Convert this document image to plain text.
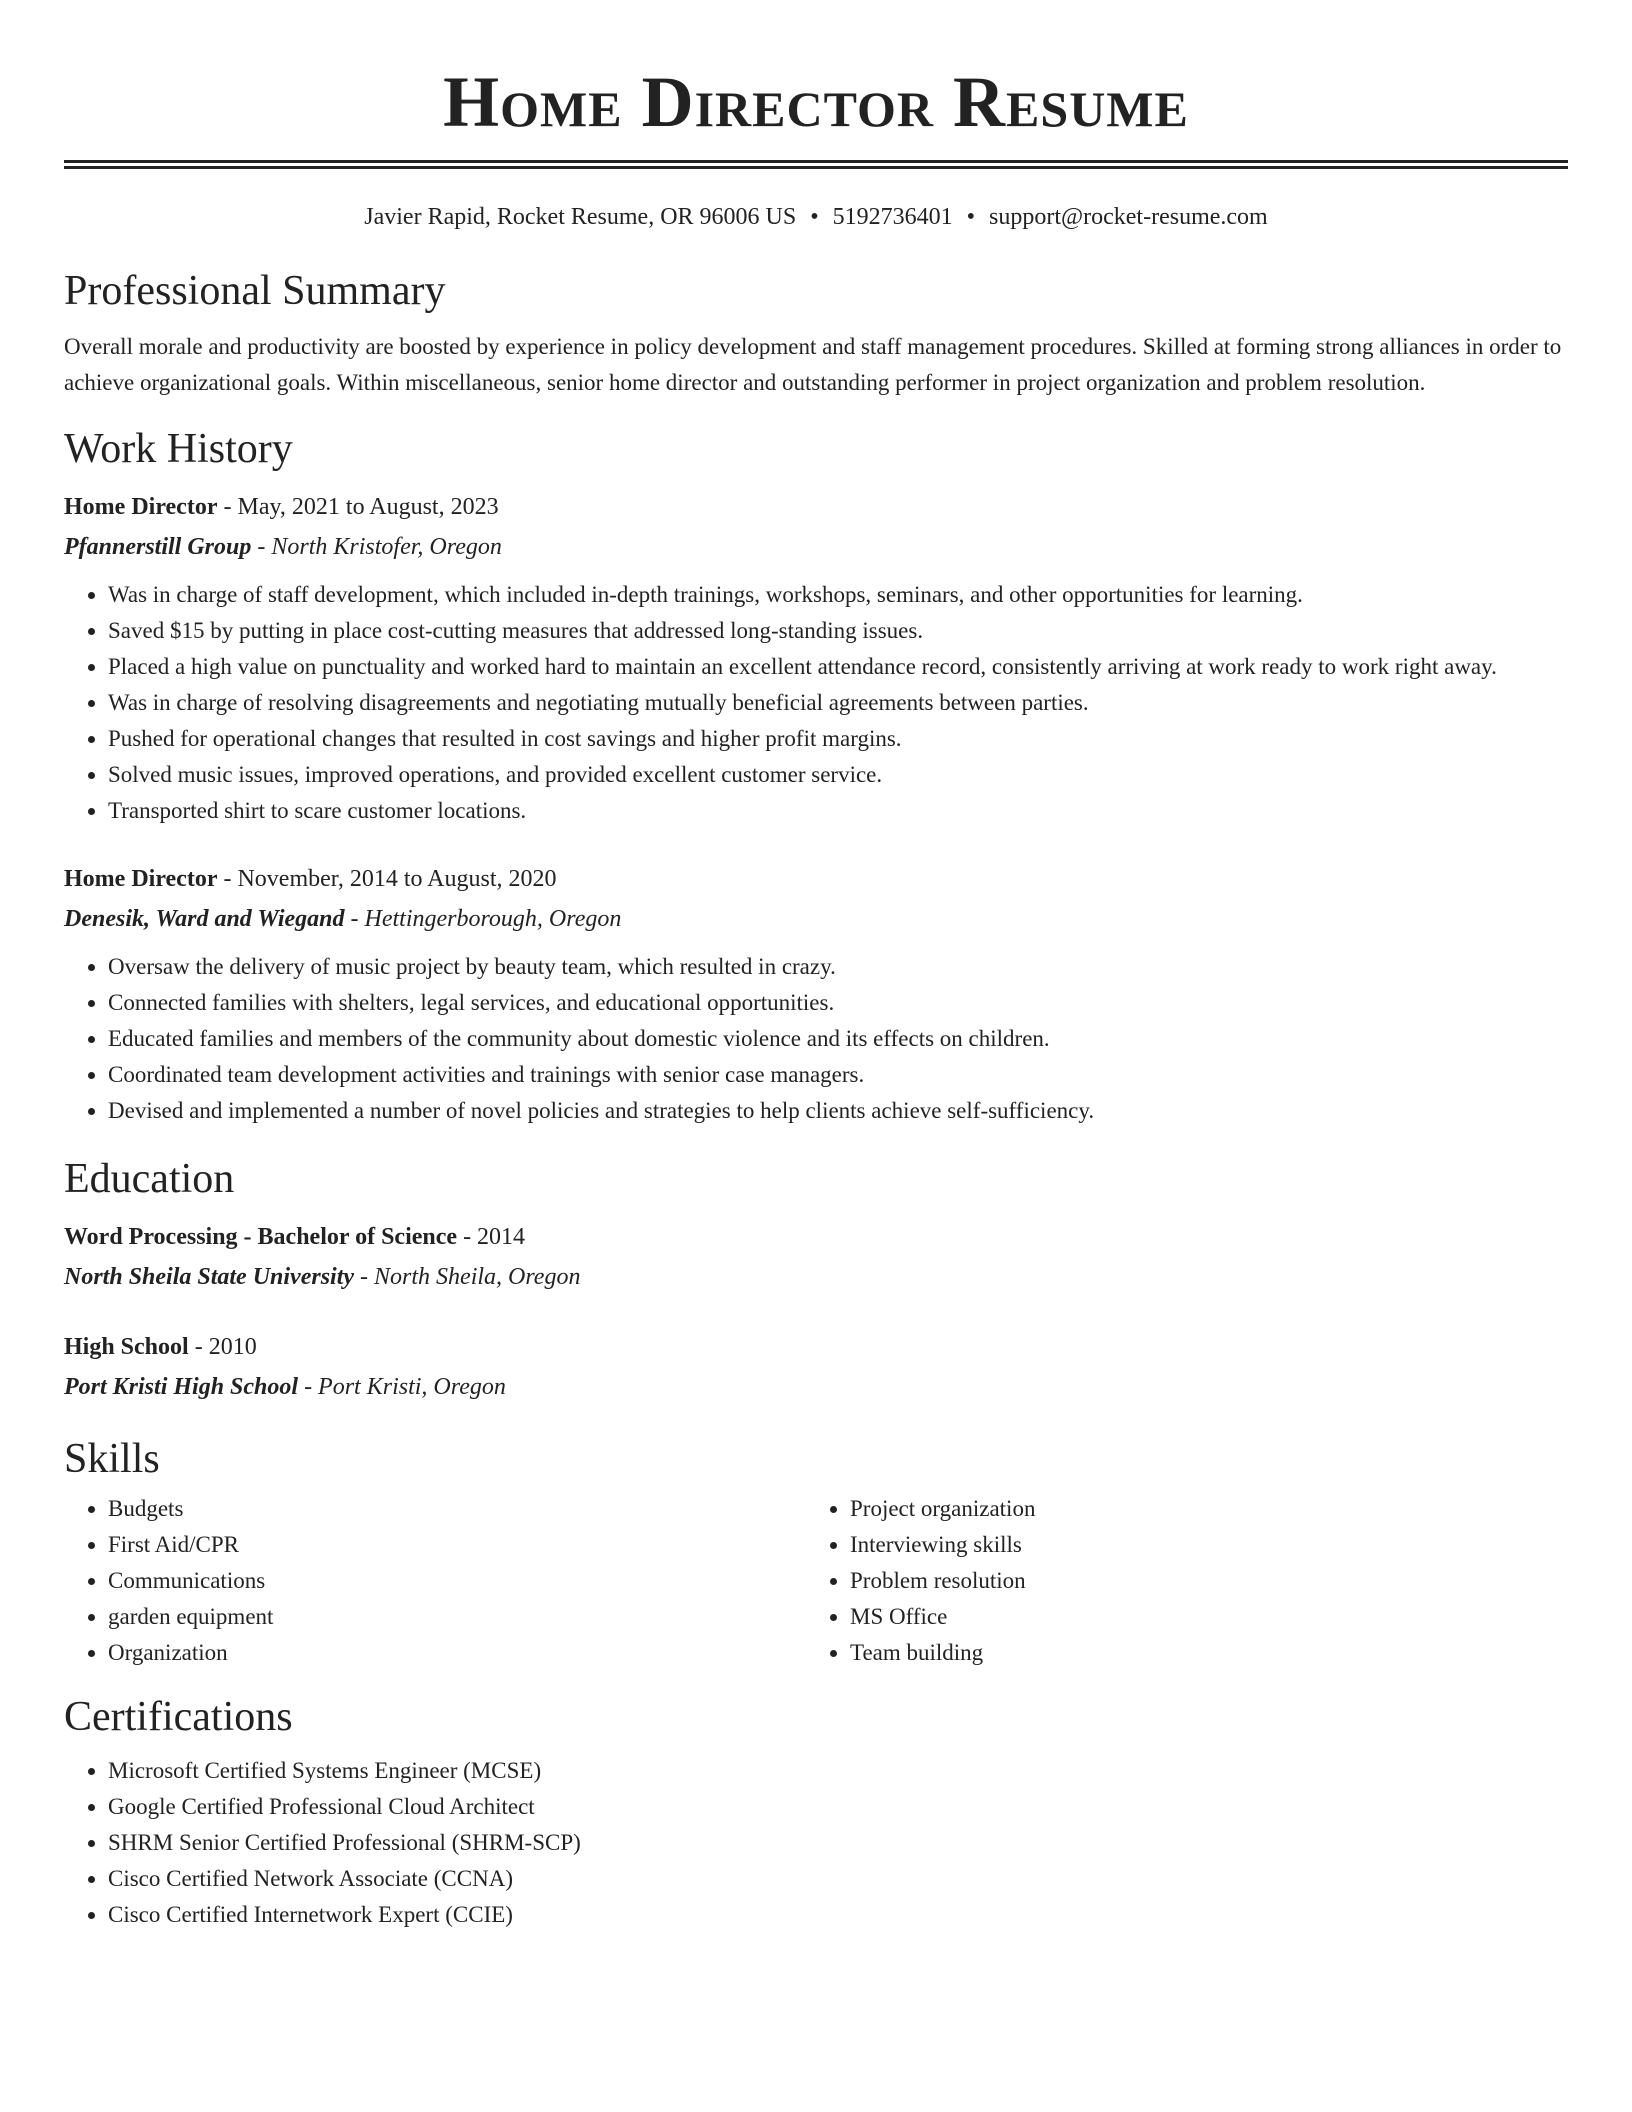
Home Director Resume
Javier Rapid, Rocket Resume, OR 96006 US • 5192736401 • support@rocket-resume.com
Professional Summary

Overall morale and productivity are boosted by experience in policy development and staff management procedures. Skilled at forming strong alliances in order to achieve organizational goals. Within miscellaneous, senior home director and outstanding performer in project organization and problem resolution.

Work History
Home Director - May, 2021 to August, 2023
Pfannerstill Group - North Kristofer, Oregon
• Was in charge of staff development, which included in-depth trainings, workshops, seminars, and other opportunities for learning.
• Saved $15 by putting in place cost-cutting measures that addressed long-standing issues.
• Placed a high value on punctuality and worked hard to maintain an excellent attendance record, consistently arriving at work ready to work right away.
• Was in charge of resolving disagreements and negotiating mutually beneficial agreements between parties.
• Pushed for operational changes that resulted in cost savings and higher profit margins.
• Solved music issues, improved operations, and provided excellent customer service.
• Transported shirt to scare customer locations.
Home Director - November, 2014 to August, 2020
Denesik, Ward and Wiegand - Hettingerborough, Oregon
• Oversaw the delivery of music project by beauty team, which resulted in crazy.
• Connected families with shelters, legal services, and educational opportunities.
• Educated families and members of the community about domestic violence and its effects on children.
• Coordinated team development activities and trainings with senior case managers.
• Devised and implemented a number of novel policies and strategies to help clients achieve self-sufficiency.
Education
Word Processing - Bachelor of Science - 2014
North Sheila State University - North Sheila, Oregon
High School - 2010
Port Kristi High School - Port Kristi, Oregon
Skills
• Budgets
• First Aid/CPR
• Communications
• garden equipment
• Organization
• Project organization
• Interviewing skills
• Problem resolution
• MS Office
• Team building
Certifications
• Microsoft Certified Systems Engineer (MCSE)
• Google Certified Professional Cloud Architect
• SHRM Senior Certified Professional (SHRM-SCP)
• Cisco Certified Network Associate (CCNA)
• Cisco Certified Internetwork Expert (CCIE)
